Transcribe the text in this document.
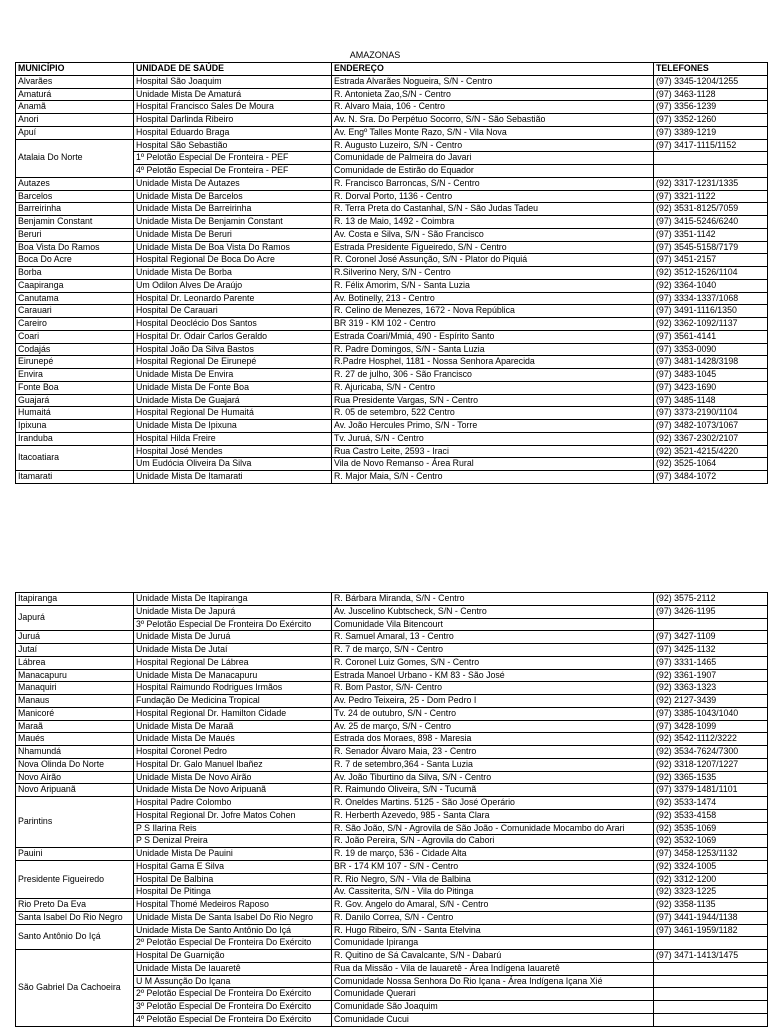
AMAZONAS
MUNICÍPIO	UNIDADE DE SAÚDE	ENDEREÇO	TELEFONES
Alvarães	Hospital São Joaquim	Estrada Alvarães Nogueira, S/N - Centro	(97) 3345-1204/1255
Amaturá	Unidade Mista De Amaturá	R. Antonieta Zao,S/N - Centro	(97) 3463-1128
Anamã	Hospital Francisco Sales De Moura	R. Alvaro Maia, 106 - Centro	(97) 3356-1239
Anori	Hospital Darlinda Ribeiro	Av. N. Sra. Do Perpétuo Socorro, S/N - São Sebastião	(97) 3352-1260
Apuí	Hospital Eduardo Braga	Av. Engº Talles Monte Razo, S/N - Vila Nova	(97) 3389-1219
Atalaia Do Norte	Hospital São Sebastião	R. Augusto Luzeiro, S/N - Centro	(97) 3417-1115/1152
	1º Pelotão Especial De Fronteira - PEF	Comunidade de Palmeira do Javari	
	4º Pelotão Especial De Fronteira - PEF	Comunidade de Estirão do Equador	
Autazes	Unidade Mista De Autazes	R. Francisco Barroncas, S/N - Centro	(92) 3317-1231/1335
Barcelos	Unidade Mista De Barcelos	R. Dorval Porto, 1136 - Centro	(97) 3321-1122
Barreirinha	Unidade Mista De Barreirinha	R. Terra Preta do Castanhal, S/N - São Judas Tadeu	(92) 3531-8125/7059
Benjamin Constant	Unidade Mista De Benjamin Constant	R. 13 de Maio, 1492 - Coimbra	(97) 3415-5246/6240
Beruri	Unidade Mista De Beruri	Av. Costa e Silva, S/N - São Francisco	(97) 3351-1142
Boa Vista Do Ramos	Unidade Mista De Boa Vista Do Ramos	Estrada Presidente Figueiredo, S/N - Centro	(97) 3545-5158/7179
Boca Do Acre	Hospital Regional De Boca Do Acre	R. Coronel José Assunção, S/N - Plator do Piquiá	(97) 3451-2157
Borba	Unidade Mista De Borba	R.Silverino Nery, S/N - Centro	(92) 3512-1526/1104
Caapiranga	Um Odilon Alves De Araújo	R. Félix Amorim, S/N - Santa Luzia	(92) 3364-1040
Canutama	Hospital Dr. Leonardo Parente	Av. Botinelly, 213 - Centro	(97) 3334-1337/1068
Carauari	Hospital De Carauari	R. Celino de Menezes, 1672 - Nova República	(97) 3491-1116/1350
Careiro	Hospital Deoclécio Dos Santos	BR 319 - KM 102 - Centro	(92) 3362-1092/1137
Coari	Hospital Dr. Odair Carlos Geraldo	Estrada Coari/Mmiá, 490 - Espírito Santo	(97) 3561-4141
Codajás	Hospital João Da Silva Bastos	R. Padre Domingos, S/N - Santa Luzia	(97) 3353-0090
Eirunepé	Hospital Regional De Eirunepé	R.Padre Hosphel, 1181 - Nossa Senhora Aparecida	(97) 3481-1428/3198
Envira	Unidade Mista De Envira	R. 27 de julho, 306 - São Francisco	(97) 3483-1045
Fonte Boa	Unidade Mista De Fonte Boa	R. Ajuricaba, S/N - Centro	(97) 3423-1690
Guajará	Unidade Mista De Guajará	Rua Presidente Vargas, S/N - Centro	(97) 3485-1148
Humaitá	Hospital Regional De Humaitá	R. 05 de setembro, 522 Centro	(97) 3373-2190/1104
Ipixuna	Unidade Mista De Ipixuna	Av. João Hercules Primo, S/N - Torre	(97) 3482-1073/1067
Iranduba	Hospital Hilda Freire	Tv. Juruá, S/N - Centro	(92) 3367-2302/2107
Itacoatiara	Hospital José Mendes	Rua Castro Leite, 2593 - Iraci	(92) 3521-4215/4220
	Um Eudócia Oliveira Da Silva	Vila de Novo Remanso - Área Rural	(92) 3525-1064
Itamarati	Unidade Mista De Itamarati	R. Major Maia, S/N - Centro	(97) 3484-1072
Itapiranga	Unidade Mista De Itapiranga	R. Bárbara Miranda, S/N - Centro	(92) 3575-2112
Japurá	Unidade Mista De Japurá	Av. Juscelino Kubtscheck, S/N - Centro	(97) 3426-1195
	3º Pelotão Especial De Fronteira Do Exército	Comunidade Vila Bitencourt	
Juruá	Unidade Mista De Juruá	R. Samuel Amaral, 13 - Centro	(97) 3427-1109
Jutaí	Unidade Mista De Jutaí	R. 7 de março, S/N - Centro	(97) 3425-1132
Lábrea	Hospital Regional De Lábrea	R. Coronel Luiz Gomes, S/N - Centro	(97) 3331-1465
Manacapuru	Unidade Mista De Manacapuru	Estrada Manoel Urbano - KM 83 - São José	(92) 3361-1907
Manaquiri	Hospital Raimundo Rodrigues Irmãos	R. Bom Pastor, S/N- Centro	(92) 3363-1323
Manaus	Fundação De Medicina Tropical	Av. Pedro Teixeira, 25 - Dom Pedro I	(92) 2127-3439
Manicoré	Hospital Regional Dr. Hamilton Cidade	Tv. 24 de outubro, S/N - Centro	(97) 3385-1043/1040
Maraã	Unidade Mista De Maraã	Av. 25 de março, S/N - Centro	(97) 3428-1099
Maués	Unidade Mista De Maués	Estrada dos Moraes, 898 - Maresia	(92) 3542-1112/3222
Nhamundá	Hospital Coronel Pedro	R. Senador Álvaro Maia, 23 - Centro	(92) 3534-7624/7300
Nova Olinda Do Norte	Hospital Dr. Galo Manuel Ibañez	R. 7 de setembro,364 - Santa Luzia	(92) 3318-1207/1227
Novo Airão	Unidade Mista De Novo Airão	Av. João Tiburtino da Silva, S/N - Centro	(92) 3365-1535
Novo Aripuanã	Unidade Mista De Novo Aripuanã	R. Raimundo Oliveira, S/N - Tucumã	(97) 3379-1481/1101
Parintins	Hospital Padre Colombo	R. Oneldes Martins. 5125 - São José Operário	(92) 3533-1474
	Hospital Regional Dr. Jofre Matos Cohen	R. Herberth Azevedo, 985 - Santa Clara	(92) 3533-4158
	P S Ilarina Reis	R. São João, S/N - Agrovila de São João - Comunidade Mocambo do Arari	(92) 3535-1069
	P S Denizal Preira	R. João Pereira, S/N - Agrovila do Cabori	(92) 3532-1069
Pauini	Unidade Mista De Pauini	R. 19 de março, 536 - Cidade Alta	(97) 3458-1253/1132
Presidente Figueiredo	Hospital Gama E Silva	BR - 174 KM 107 - S/N - Centro	(92) 3324-1005
	Hospital De Balbina	R. Rio Negro, S/N - Vila de Balbina	(92) 3312-1200
	Hospital De Pitinga	Av. Cassiterita, S/N - Vila do Pitinga	(92) 3323-1225
Rio Preto Da Eva	Hospital Thomé Medeiros Raposo	R. Gov. Angelo do Amaral, S/N - Centro	(92) 3358-1135
Santa Isabel Do Rio Negro	Unidade Mista De Santa Isabel Do Rio Negro	R. Danilo Correa, S/N - Centro	(97) 3441-1944/1138
Santo Antônio Do Içá	Unidade Mista De Santo Antônio Do Içá	R. Hugo Ribeiro, S/N - Santa Etelvina	(97) 3461-1959/1182
	2º Pelotão Especial De Fronteira Do Exército	Comunidade Ipiranga	
São Gabriel Da Cachoeira	Hospital De Guarnição	R. Quitino de Sá Cavalcante, S/N - Dabarú	(97) 3471-1413/1475
	Unidade Mista De Iauaretê	Rua da Missão - Vila de Iauaretê - Área Indígena Iauaretê	
	U M Assunção Do Içana	Comunidade Nossa Senhora Do Rio Içana - Área Indígena Içana Xié	
	2º Pelotão Especial De Fronteira Do Exército	Comunidade Querari	
	3º Pelotão Especial De Fronteira Do Exército	Comunidade São Joaquim	
	4º Pelotão Especial De Fronteira Do Exército	Comunidade Cucui	
